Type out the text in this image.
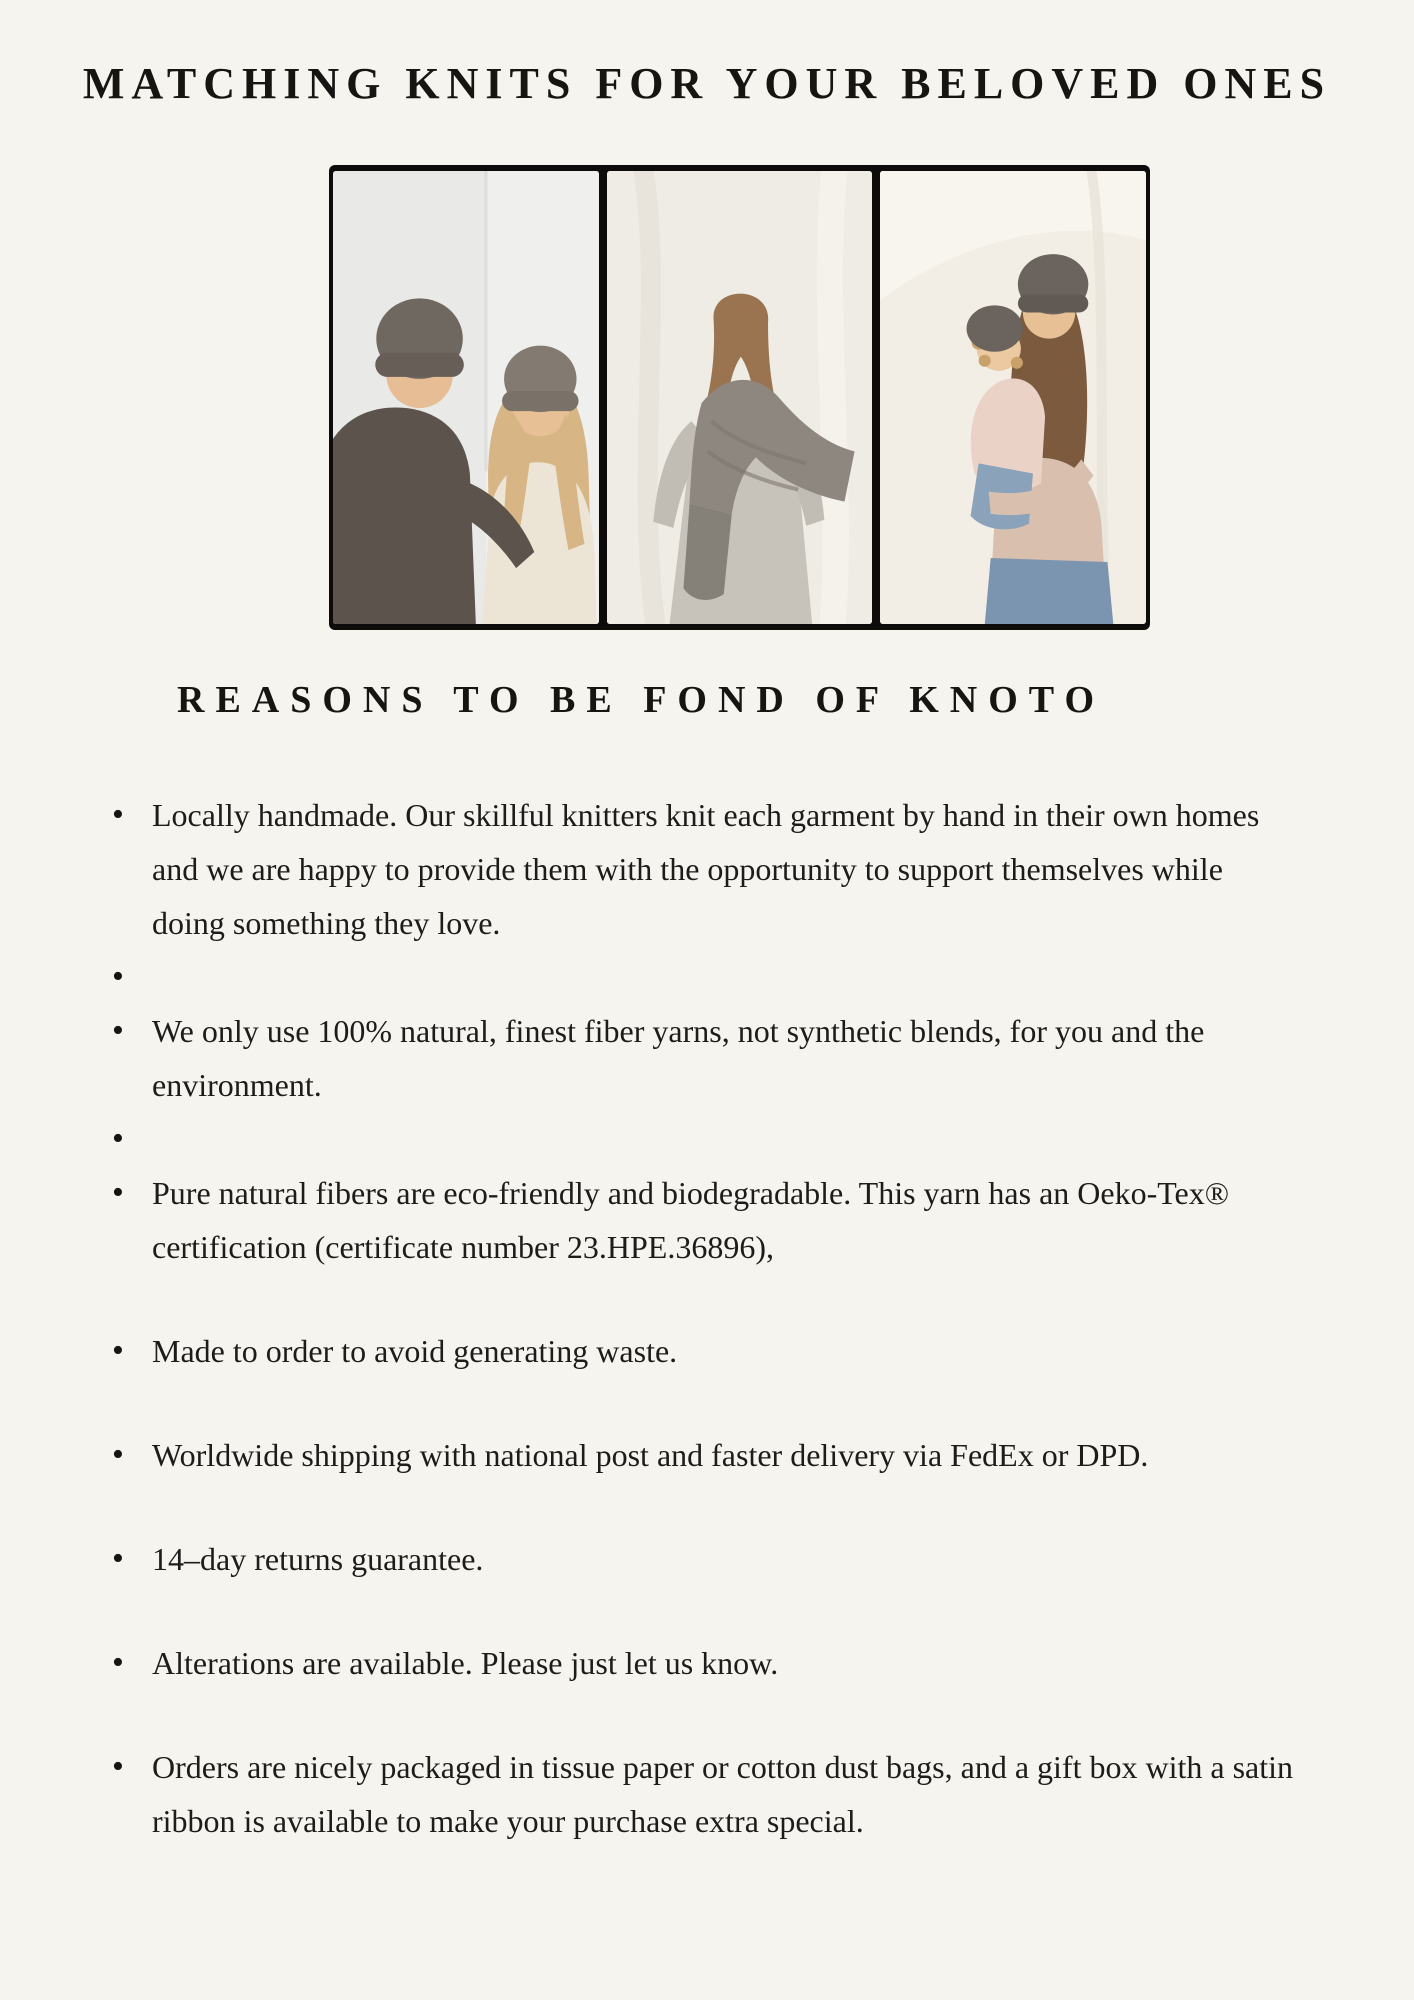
MATCHING KNITS FOR YOUR BELOVED ONES
REASONS TO BE FOND OF KNOTO
• Locally handmade. Our skillful knitters knit each garment by hand in their own homes and we are happy to provide them with the opportunity to support themselves while doing something they love.
•
• We only use 100% natural, finest fiber yarns, not synthetic blends, for you and the environment.
•
• Pure natural fibers are eco-friendly and biodegradable. This yarn has an Oeko-Tex® certification (certificate number 23.HPE.36896),
• Made to order to avoid generating waste.
• Worldwide shipping with national post and faster delivery via FedEx or DPD.
• 14–day returns guarantee.
• Alterations are available. Please just let us know.
• Orders are nicely packaged in tissue paper or cotton dust bags, and a gift box with a satin ribbon is available to make your purchase extra special.
